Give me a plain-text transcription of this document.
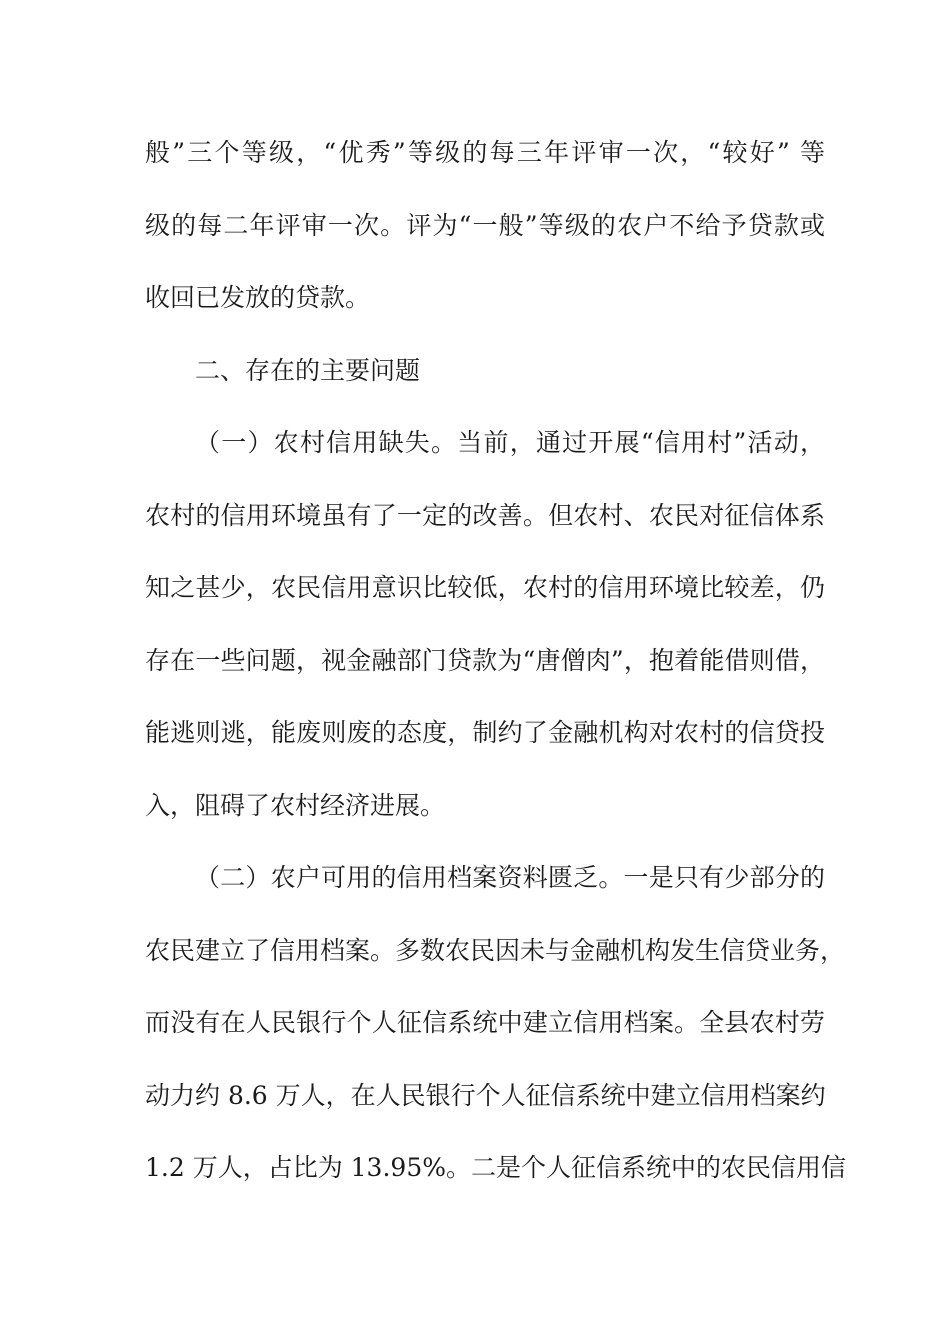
般”三个等级，“优秀”等级的每三年评审一次，“较好” 等
级的每二年评审一次。评为“一般”等级的农户不给予贷款或
收回已发放的贷款。
二、存在的主要问题
（一）农村信用缺失。当前，通过开展“信用村”活动，
农村的信用环境虽有了一定的改善。但农村、农民对征信体系
知之甚少，农民信用意识比较低，农村的信用环境比较差，仍
存在一些问题，视金融部门贷款为“唐僧肉”，抱着能借则借，
能逃则逃，能废则废的态度，制约了金融机构对农村的信贷投
入，阻碍了农村经济进展。
（二）农户可用的信用档案资料匮乏。一是只有少部分的
农民建立了信用档案。多数农民因未与金融机构发生信贷业务，
而没有在人民银行个人征信系统中建立信用档案。全县农村劳
动力约 8.6 万人，在人民银行个人征信系统中建立信用档案约
1.2 万人，占比为 13.95%。二是个人征信系统中的农民信用信
